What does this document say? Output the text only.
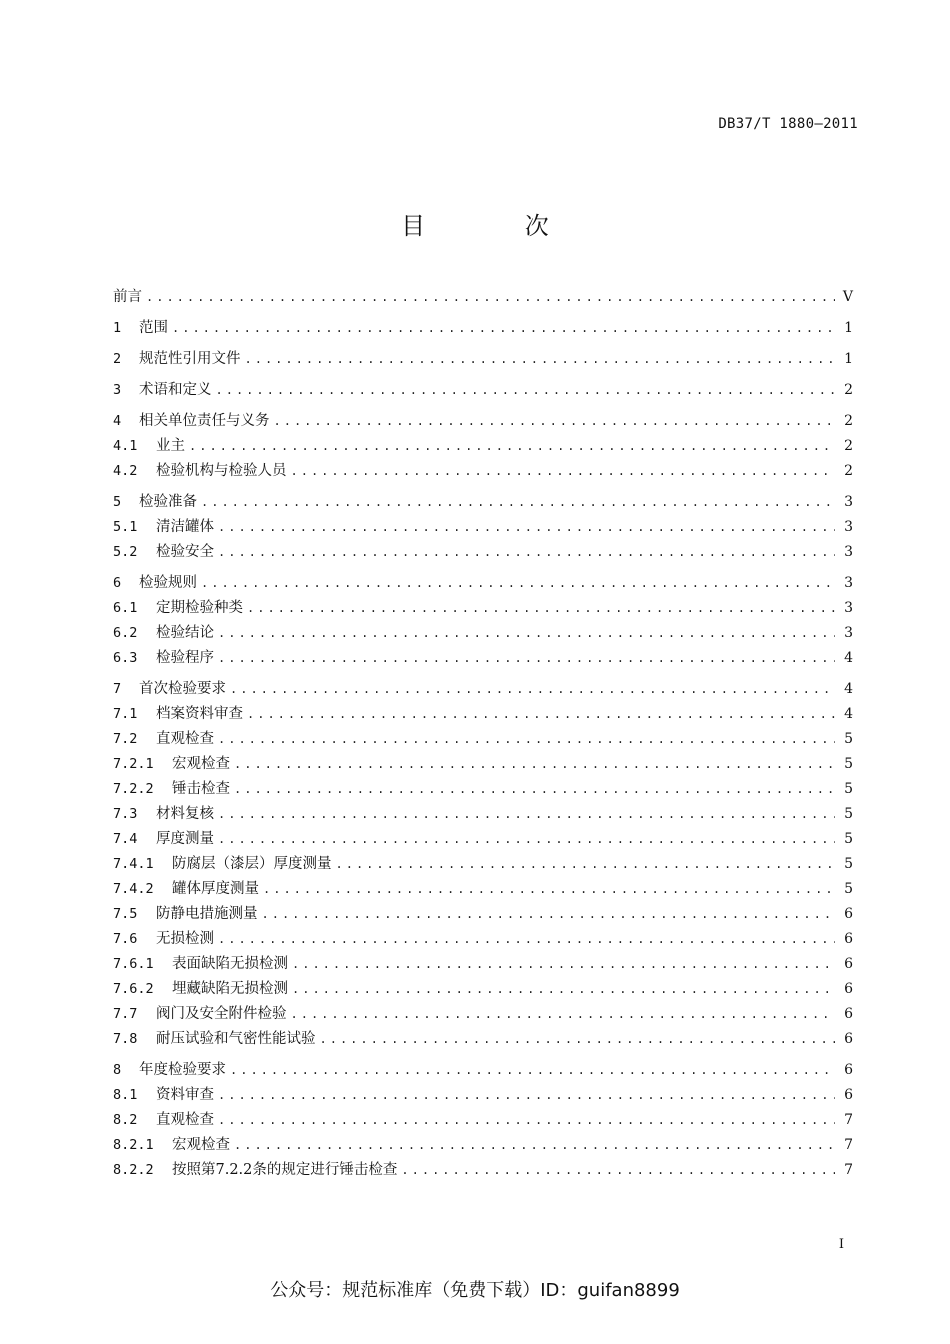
DB37/T 1880—2011
目 次
前言 .....	V
1	范围 .....	1
2	规范性引用文件 .....	1
3	术语和定义 .....	2
4	相关单位责任与义务 .....	2
4.1	业主 .....	2
4.2	检验机构与检验人员 .....	2
5	检验准备 .....	3
5.1	清洁罐体 .....	3
5.2	检验安全 .....	3
6	检验规则 .....	3
6.1	定期检验种类 .....	3
6.2	检验结论 .....	3
6.3	检验程序 .....	4
7	首次检验要求 .....	4
7.1	档案资料审查 .....	4
7.2	直观检查 .....	5
7.2.1	宏观检查 .....	5
7.2.2	锤击检查 .....	5
7.3	材料复核 .....	5
7.4	厚度测量 .....	5
7.4.1	防腐层（漆层）厚度测量 .....	5
7.4.2	罐体厚度测量 .....	5
7.5	防静电措施测量 .....	6
7.6	无损检测 .....	6
7.6.1	表面缺陷无损检测 .....	6
7.6.2	埋藏缺陷无损检测 .....	6
7.7	阀门及安全附件检验 .....	6
7.8	耐压试验和气密性能试验 .....	6
8	年度检验要求 .....	6
8.1	资料审查 .....	6
8.2	直观检查 .....	7
8.2.1	宏观检查 .....	7
8.2.2	按照第7.2.2条的规定进行锤击检查 .....	7
I
公众号：规范标准库（免费下载）ID：guifan8899
